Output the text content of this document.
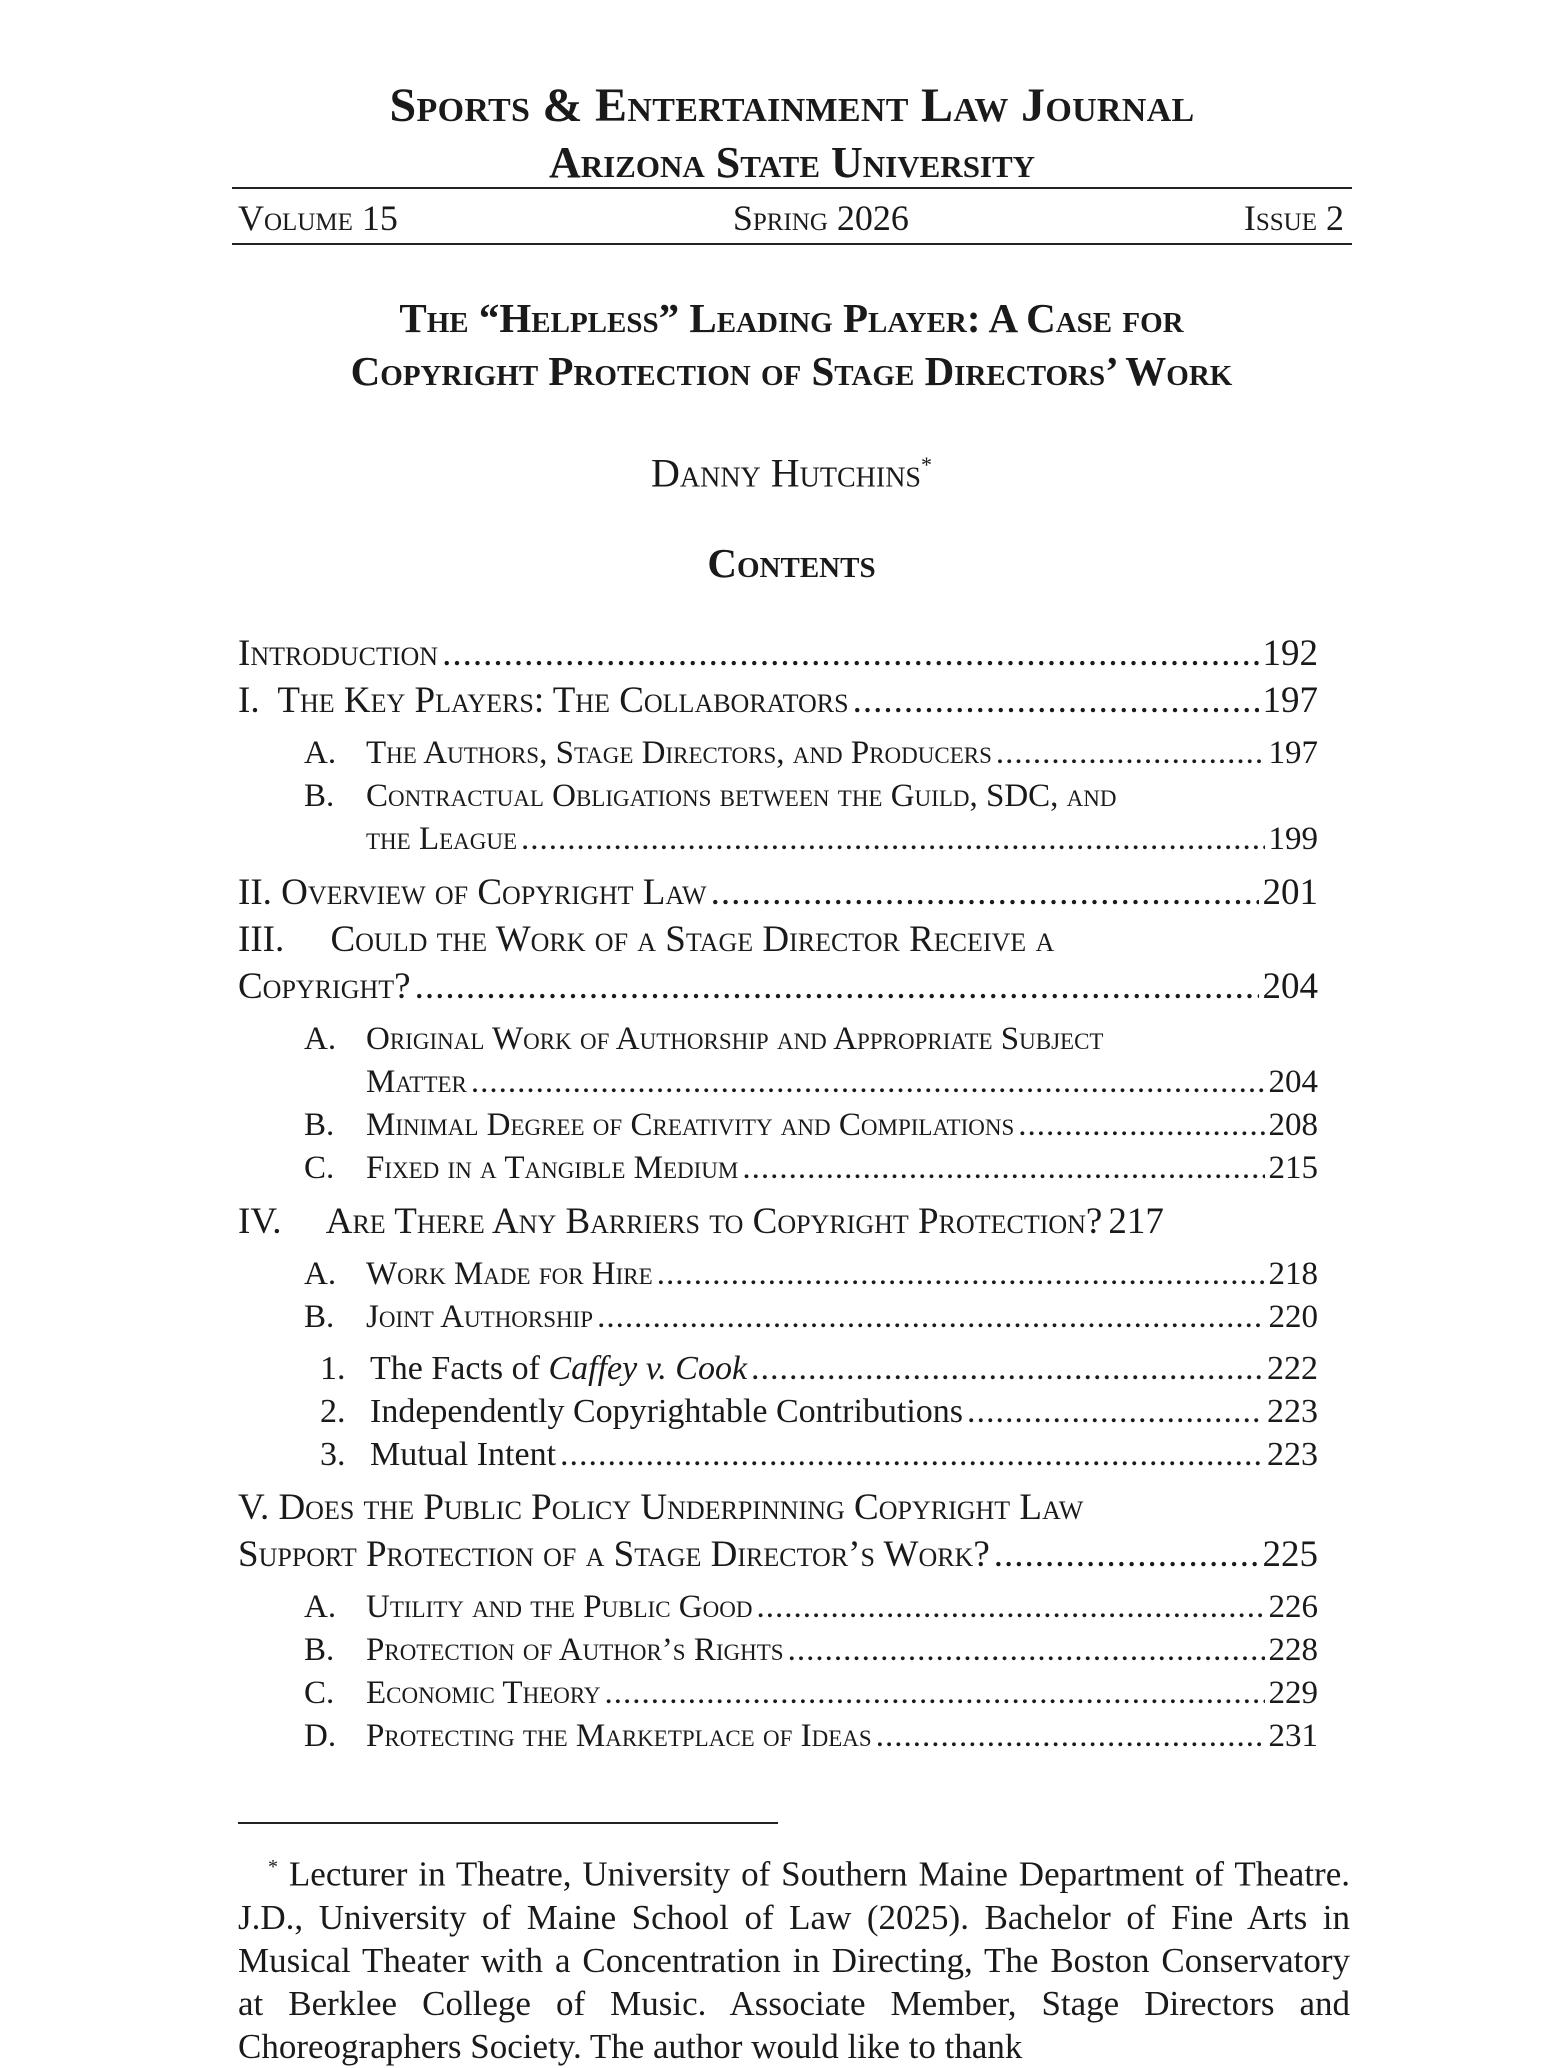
Sports & Entertainment Law Journal
Arizona State University
Volume 15	Spring 2026	Issue 2
The “Helpless” Leading Player: A Case for
Copyright Protection of Stage Directors’ Work
Danny Hutchins*
Contents
Introduction .....	192
I.  The Key Players: The Collaborators .....	197
A. The Authors, Stage Directors, and Producers .....	197
B. Contractual Obligations between the Guild, SDC, and
the League .....	199
II. Overview of Copyright Law .....	201
III.     Could the Work of a Stage Director Receive a
Copyright? .....	204
A. Original Work of Authorship and Appropriate Subject
Matter .....	204
B. Minimal Degree of Creativity and Compilations .....	208
C. Fixed in a Tangible Medium .....	215
IV.     Are There Any Barriers to Copyright Protection? 217
A. Work Made for Hire .....	218
B. Joint Authorship .....	220
1. The Facts of Caffey v. Cook .....	222
2. Independently Copyrightable Contributions .....	223
3. Mutual Intent .....	223
V. Does the Public Policy Underpinning Copyright Law
Support Protection of a Stage Director’s Work? .....	225
A. Utility and the Public Good .....	226
B. Protection of Author’s Rights .....	228
C. Economic Theory .....	229
D. Protecting the Marketplace of Ideas .....	231
* Lecturer in Theatre, University of Southern Maine Department of Theatre. J.D., University of Maine School of Law (2025). Bachelor of Fine Arts in Musical Theater with a Concentration in Directing, The Boston Conservatory at Berklee College of Music. Associate Member, Stage Directors and Choreographers Society. The author would like to thank
